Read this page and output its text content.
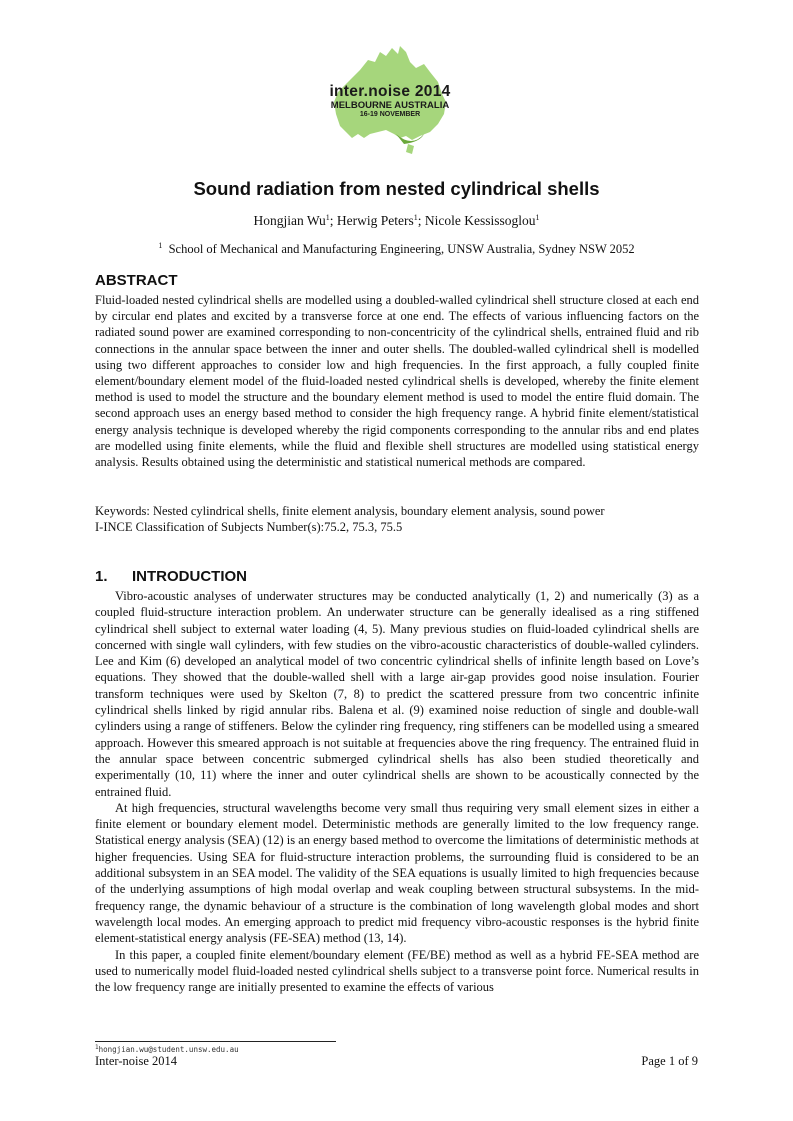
inter.noise 2014
MELBOURNE AUSTRALIA
16-19 NOVEMBER
Sound radiation from nested cylindrical shells
Hongjian Wu$^1$; Herwig Peters$^1$; Nicole Kessissoglou$^1$
$^1$ School of Mechanical and Manufacturing Engineering, UNSW Australia, Sydney NSW 2052
ABSTRACT

Fluid-loaded nested cylindrical shells are modelled using a doubled-walled cylindrical shell structure closed at each end by circular end plates and excited by a transverse force at one end. The effects of various influencing factors on the radiated sound power are examined corresponding to non-concentricity of the cylindrical shells, entrained fluid and rib connections in the annular space between the inner and outer shells. The doubled-walled cylindrical shell is modelled using two different approaches to consider low and high frequencies. In the first approach, a fully coupled finite element/boundary element model of the fluid-loaded nested cylindrical shells is developed, whereby the finite element method is used to model the structure and the boundary element method is used to model the entire fluid domain. The second approach uses an energy based method to consider the high frequency range. A hybrid finite element/statistical energy analysis technique is developed whereby the rigid components corresponding to the annular ribs and end plates are modelled using finite elements, while the fluid and flexible shell structures are modelled using statistical energy analysis. Results obtained using the deterministic and statistical numerical methods are compared.

Keywords: Nested cylindrical shells, finite element analysis, boundary element analysis, sound power

I-INCE Classification of Subjects Number(s):75.2, 75.3, 75.5

1. INTRODUCTION

Vibro-acoustic analyses of underwater structures may be conducted analytically (1, 2) and numerically (3) as a coupled fluid-structure interaction problem. An underwater structure can be generally idealised as a ring stiffened cylindrical shell subject to external water loading (4, 5). Many previous studies on fluid-loaded cylindrical shells are concerned with single wall cylinders, with few studies on the vibro-acoustic characteristics of double-walled cylinders. Lee and Kim (6) developed an analytical model of two concentric cylindrical shells of infinite length based on Love’s equations. They showed that the double-walled shell with a large air-gap provides good noise insulation. Fourier transform techniques were used by Skelton (7, 8) to predict the scattered pressure from two concentric infinite cylindrical shells linked by rigid annular ribs. Balena et al. (9) examined noise reduction of single and double-wall cylinders using a range of stiffeners. Below the cylinder ring frequency, ring stiffeners can be modelled using a smeared approach. However this smeared approach is not suitable at frequencies above the ring frequency. The entrained fluid in the annular space between concentric submerged cylindrical shells has also been studied theoretically and experimentally (10, 11) where the inner and outer cylindrical shells are shown to be acoustically connected by the entrained fluid.

At high frequencies, structural wavelengths become very small thus requiring very small element sizes in either a finite element or boundary element model. Deterministic methods are generally limited to the low frequency range. Statistical energy analysis (SEA) (12) is an energy based method to overcome the limitations of deterministic methods at higher frequencies. Using SEA for fluid-structure interaction problems, the surrounding fluid is considered to be an additional subsystem in an SEA model. The validity of the SEA equations is usually limited to high frequencies because of the underlying assumptions of high modal overlap and weak coupling between structural subsystems. In the mid-frequency range, the dynamic behaviour of a structure is the combination of long wavelength global modes and short wavelength local modes. An emerging approach to predict mid frequency vibro-acoustic responses is the hybrid finite element-statistical energy analysis (FE-SEA) method (13, 14).

In this paper, a coupled finite element/boundary element (FE/BE) method as well as a hybrid FE-SEA method are used to numerically model fluid-loaded nested cylindrical shells subject to a transverse point force. Numerical results in the low frequency range are initially presented to examine the effects of various

$^1$hongjian.wu@student.unsw.edu.au
Inter-noise 2014	Page 1 of 9
